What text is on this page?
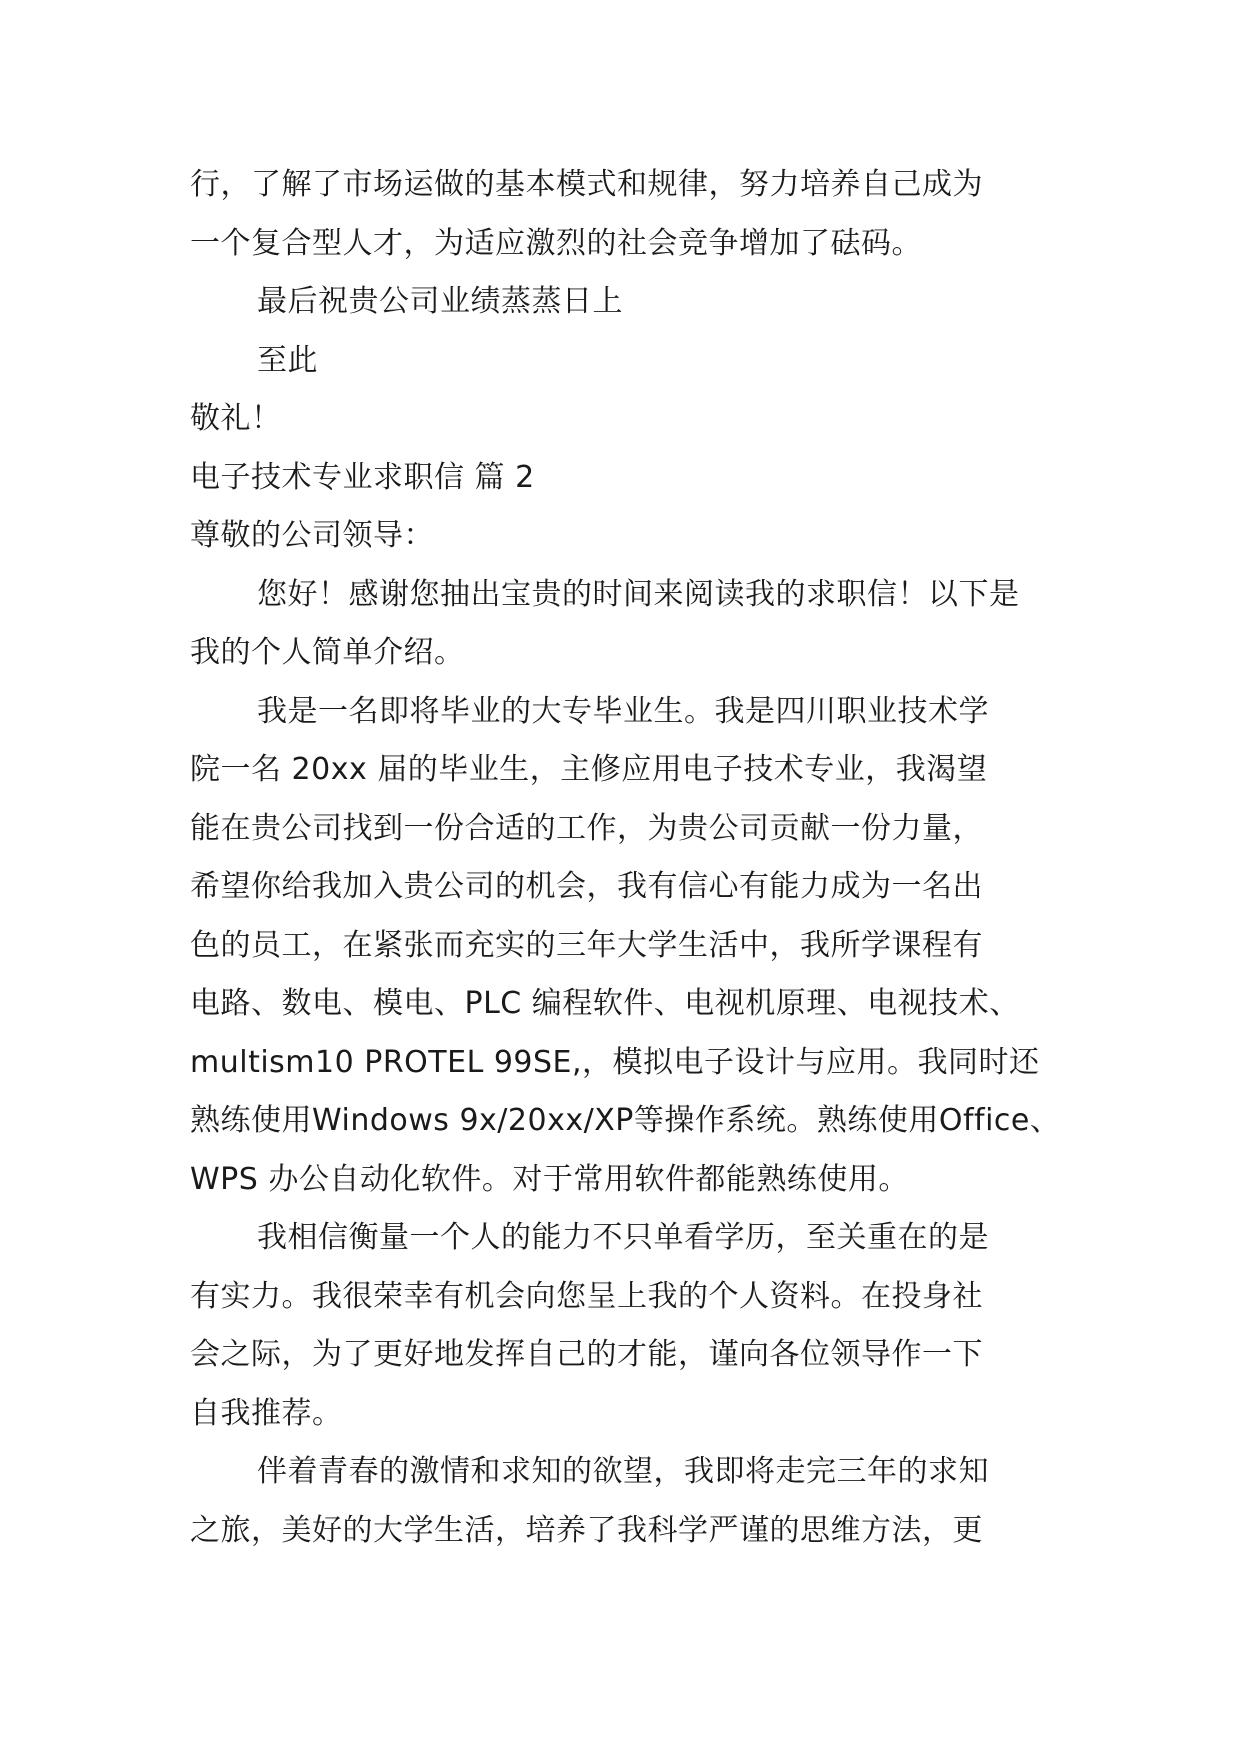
行，了解了市场运做的基本模式和规律，努力培养自己成为
一个复合型人才，为适应激烈的社会竞争增加了砝码。
最后祝贵公司业绩蒸蒸日上
至此
敬礼！
电子技术专业求职信 篇 2
尊敬的公司领导：
您好！感谢您抽出宝贵的时间来阅读我的求职信！以下是
我的个人简单介绍。
我是一名即将毕业的大专毕业生。我是四川职业技术学
院一名 20xx 届的毕业生，主修应用电子技术专业，我渴望
能在贵公司找到一份合适的工作，为贵公司贡献一份力量，
希望你给我加入贵公司的机会，我有信心有能力成为一名出
色的员工，在紧张而充实的三年大学生活中，我所学课程有
电路、数电、模电、PLC 编程软件、电视机原理、电视技术、
multism10 PROTEL 99SE,，模拟电子设计与应用。我同时还
熟练使用Windows 9x/20xx/XP等操作系统。熟练使用Office、
WPS 办公自动化软件。对于常用软件都能熟练使用。
我相信衡量一个人的能力不只单看学历，至关重在的是
有实力。我很荣幸有机会向您呈上我的个人资料。在投身社
会之际，为了更好地发挥自己的才能，谨向各位领导作一下
自我推荐。
伴着青春的激情和求知的欲望，我即将走完三年的求知
之旅，美好的大学生活，培养了我科学严谨的思维方法，更
